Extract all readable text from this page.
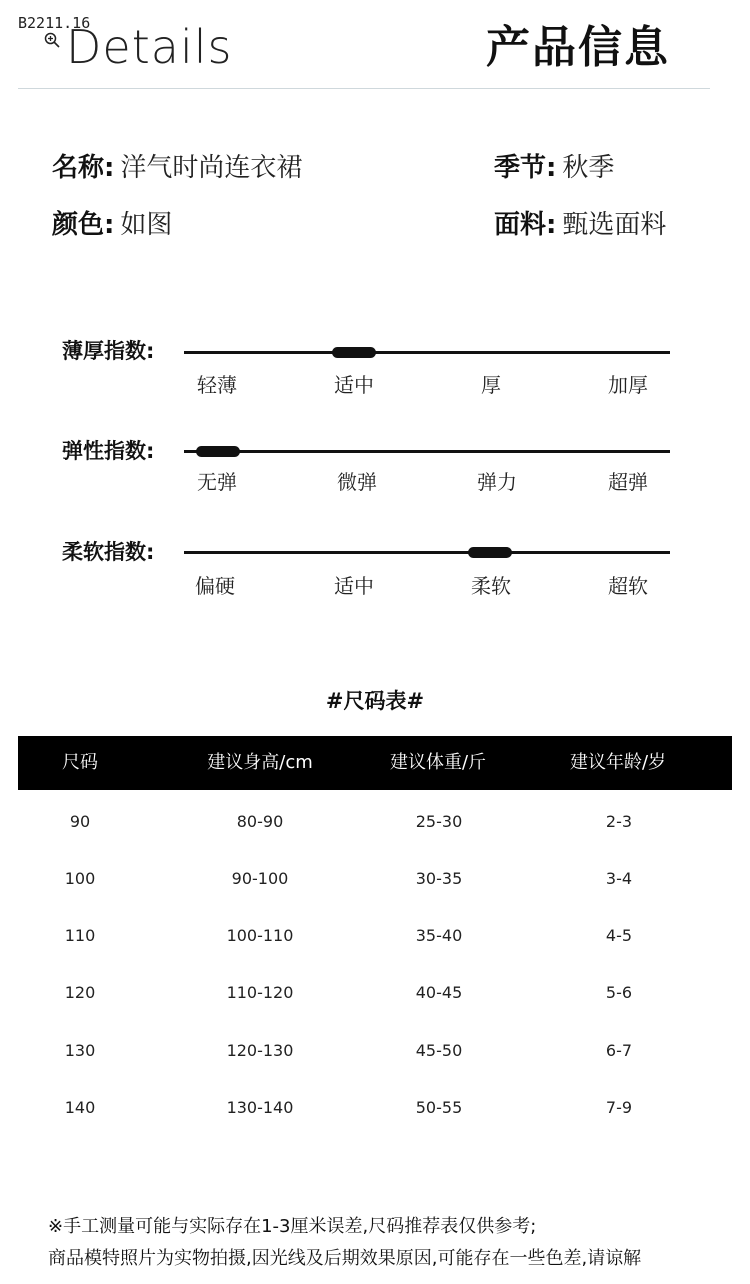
B2211.16
Details	产品信息
名称: 洋气时尚连衣裙	季节: 秋季
颜色: 如图	面料: 甄选面料
薄厚指数:
轻薄	适中	厚	加厚
弹性指数:
无弹	微弹	弹力	超弹
柔软指数:
偏硬	适中	柔软	超软
#尺码表#
尺码	建议身高/cm	建议体重/斤	建议年龄/岁
90	80-90	25-30	2-3
100	90-100	30-35	3-4
110	100-110	35-40	4-5
120	110-120	40-45	5-6
130	120-130	45-50	6-7
140	130-140	50-55	7-9
※手工测量可能与实际存在1-3厘米误差,尺码推荐表仅供参考;
商品模特照片为实物拍摄,因光线及后期效果原因,可能存在一些色差,请谅解
